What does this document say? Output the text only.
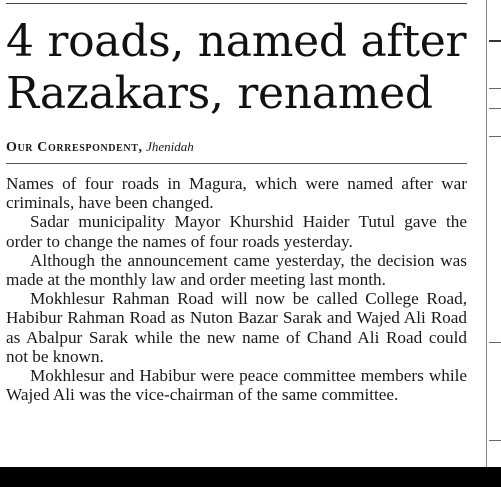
4 roads, named after
Razakars, renamed
Our Correspondent, Jhenidah

Names of four roads in Magura, which were named after war criminals, have been changed.

Sadar municipality Mayor Khurshid Haider Tutul gave the order to change the names of four roads yesterday.

Although the announcement came yesterday, the decision was made at the monthly law and order meeting last month.

Mokhlesur Rahman Road will now be called College Road, Habibur Rahman Road as Nuton Bazar Sarak and Wajed Ali Road as Abalpur Sarak while the new name of Chand Ali Road could not be known.

Mokhlesur and Habibur were peace committee members while Wajed Ali was the vice-chairman of the same committee.
